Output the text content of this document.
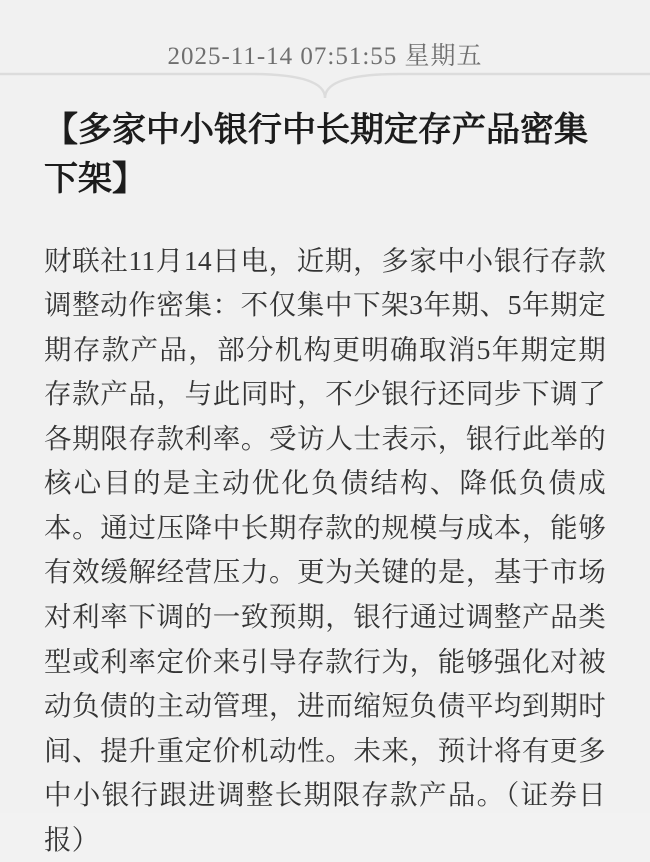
2025-11-14 07:51:55 星期五
【多家中小银行中长期定存产品密集下架】

财联社11月14日电，近期，多家中小银行存款调整动作密集：不仅集中下架3年期、5年期定期存款产品，部分机构更明确取消5年期定期存款产品，与此同时，不少银行还同步下调了各期限存款利率。受访人士表示，银行此举的核心目的是主动优化负债结构、降低负债成本。通过压降中长期存款的规模与成本，能够有效缓解经营压力。更为关键的是，基于市场对利率下调的一致预期，银行通过调整产品类型或利率定价来引导存款行为，能够强化对被动负债的主动管理，进而缩短负债平均到期时间、提升重定价机动性。未来，预计将有更多中小银行跟进调整长期限存款产品。（证券日报）
